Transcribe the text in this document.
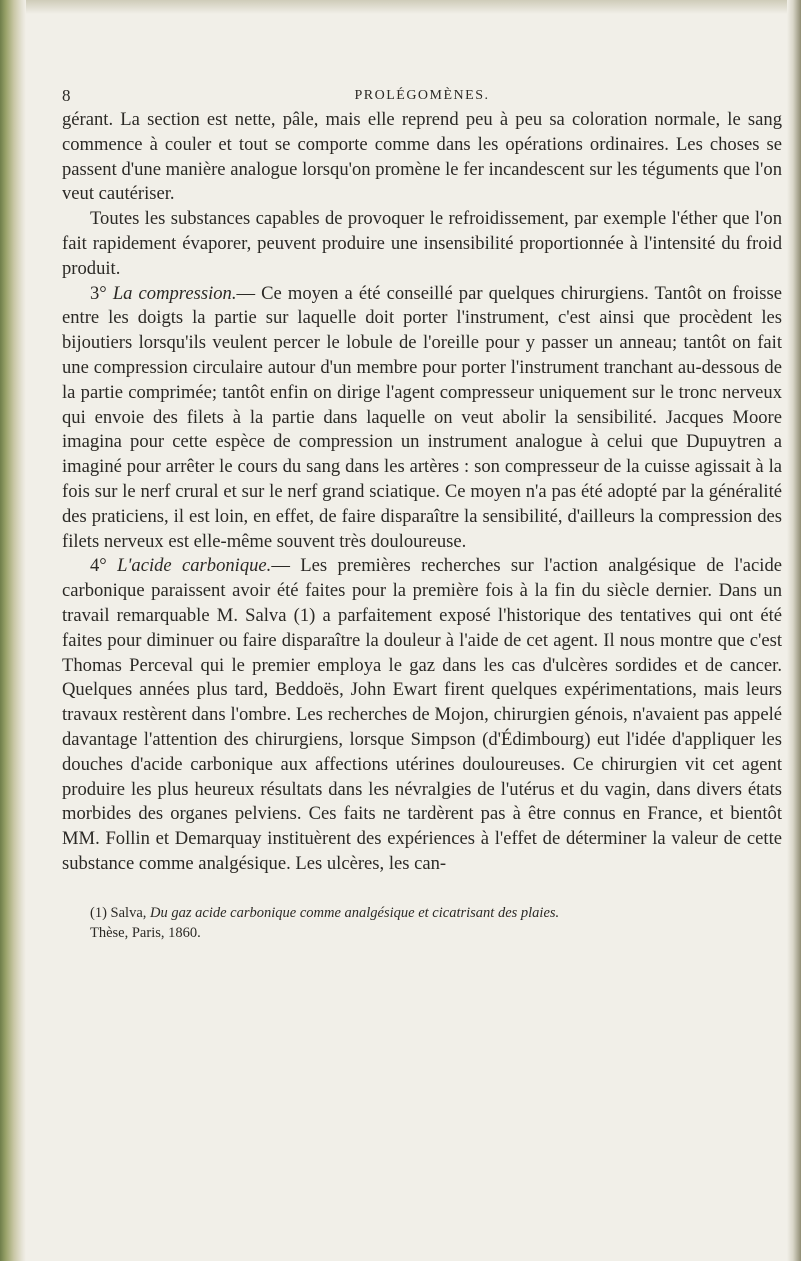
8	PROLÉGOMÈNES.

gérant. La section est nette, pâle, mais elle reprend peu à peu sa coloration normale, le sang commence à couler et tout se comporte comme dans les opérations ordinaires. Les choses se passent d'une manière analogue lorsqu'on promène le fer incandescent sur les téguments que l'on veut cautériser.

Toutes les substances capables de provoquer le refroidissement, par exemple l'éther que l'on fait rapidement évaporer, peuvent produire une insensibilité proportionnée à l'intensité du froid produit.

3° La compression.— Ce moyen a été conseillé par quelques chirurgiens. Tantôt on froisse entre les doigts la partie sur laquelle doit porter l'instrument, c'est ainsi que procèdent les bijoutiers lorsqu'ils veulent percer le lobule de l'oreille pour y passer un anneau; tantôt on fait une compression circulaire autour d'un membre pour porter l'instrument tranchant au-dessous de la partie comprimée; tantôt enfin on dirige l'agent compresseur uniquement sur le tronc nerveux qui envoie des filets à la partie dans laquelle on veut abolir la sensibilité. Jacques Moore imagina pour cette espèce de compression un instrument analogue à celui que Dupuytren a imaginé pour arrêter le cours du sang dans les artères : son compresseur de la cuisse agissait à la fois sur le nerf crural et sur le nerf grand sciatique. Ce moyen n'a pas été adopté par la généralité des praticiens, il est loin, en effet, de faire disparaître la sensibilité, d'ailleurs la compression des filets nerveux est elle-même souvent très douloureuse.

4° L'acide carbonique.— Les premières recherches sur l'action analgésique de l'acide carbonique paraissent avoir été faites pour la première fois à la fin du siècle dernier. Dans un travail remarquable M. Salva (1) a parfaitement exposé l'historique des tentatives qui ont été faites pour diminuer ou faire disparaître la douleur à l'aide de cet agent. Il nous montre que c'est Thomas Perceval qui le premier employa le gaz dans les cas d'ulcères sordides et de cancer. Quelques années plus tard, Beddoës, John Ewart firent quelques expérimentations, mais leurs travaux restèrent dans l'ombre. Les recherches de Mojon, chirurgien génois, n'avaient pas appelé davantage l'attention des chirurgiens, lorsque Simpson (d'Édimbourg) eut l'idée d'appliquer les douches d'acide carbonique aux affections utérines douloureuses. Ce chirurgien vit cet agent produire les plus heureux résultats dans les névralgies de l'utérus et du vagin, dans divers états morbides des organes pelviens. Ces faits ne tardèrent pas à être connus en France, et bientôt MM. Follin et Demarquay instituèrent des expériences à l'effet de déterminer la valeur de cette substance comme analgésique. Les ulcères, les can-

(1) Salva, Du gaz acide carbonique comme analgésique et cicatrisant des plaies.
Thèse, Paris, 1860.
